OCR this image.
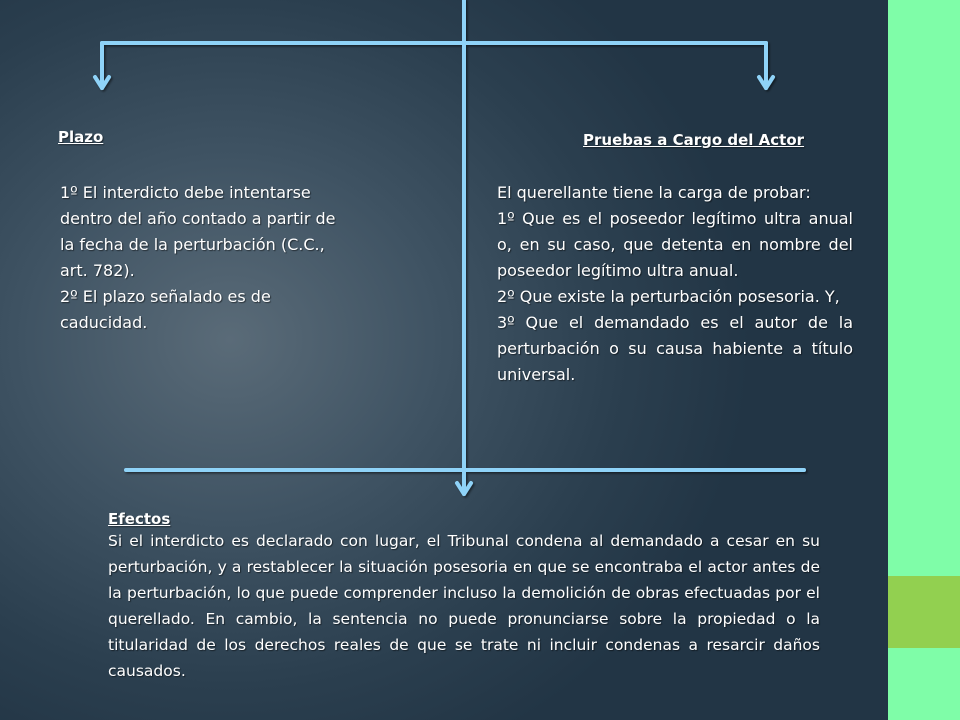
Plazo

1º El interdicto debe intentarse dentro del año contado a partir de la fecha de la perturbación (C.C., art. 782).

2º El plazo señalado es de caducidad.

Pruebas a Cargo del Actor

El querellante tiene la carga de probar:

1º Que es el poseedor legítimo ultra anual o, en su caso, que detenta en nombre del poseedor legítimo ultra anual.

2º Que existe la perturbación posesoria. Y,

3º Que el demandado es el autor de la perturbación o su causa habiente a título universal.

Efectos

Si el interdicto es declarado con lugar, el Tribunal condena al demandado a cesar en su perturbación, y a restablecer la situación posesoria en que se encontraba el actor antes de la perturbación, lo que puede comprender incluso la demolición de obras efectuadas por el querellado. En cambio, la sentencia no puede pronunciarse sobre la propiedad o la titularidad de los derechos reales de que se trate ni incluir condenas a resarcir daños causados.
